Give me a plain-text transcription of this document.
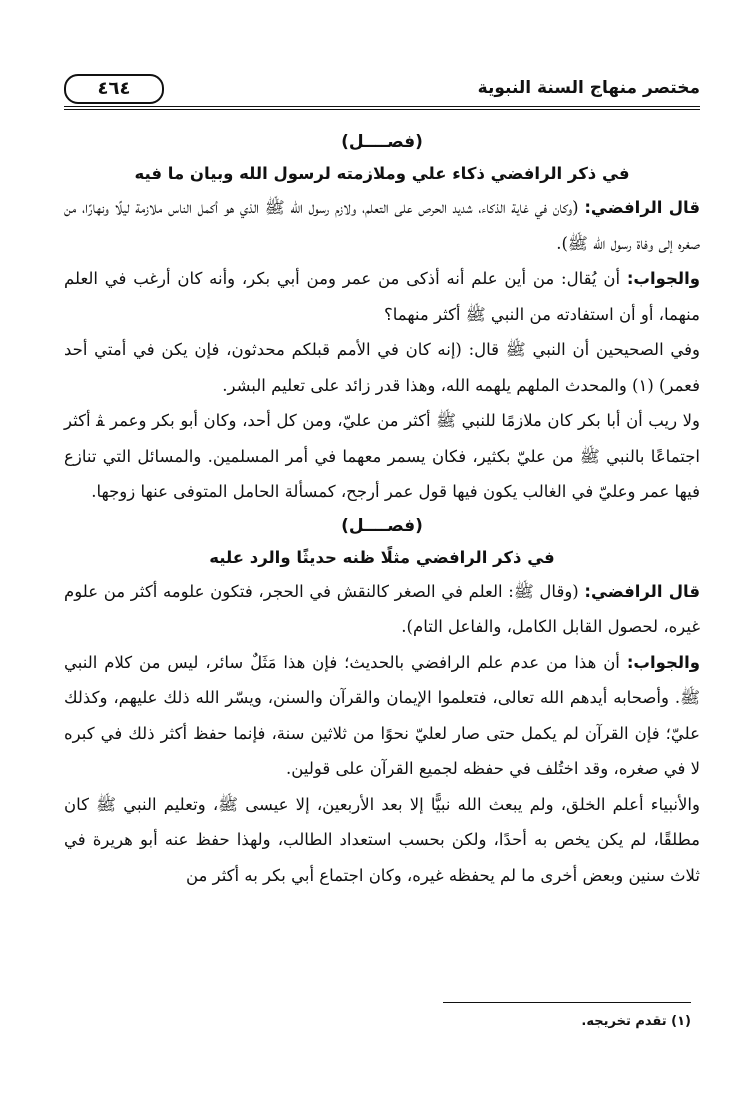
مختصر منهاج السنة النبوية
٤٦٤
(فصــــل)
في ذكر الرافضي ذكاء علي وملازمته لرسول الله وبيان ما فيه

قال الرافضي: (وكان في غاية الذكاء، شديد الحرص على التعلم، ولازم رسول الله ﷺ الذي هو أكمل الناس ملازمة ليلًا ونهارًا، من صغره إلى وفاة رسول الله ﷺ).

والجواب: أن يُقال: من أين علم أنه أذكى من عمر ومن أبي بكر، وأنه كان أرغب في العلم منهما، أو أن استفادته من النبي ﷺ أكثر منهما؟

وفي الصحيحين أن النبي ﷺ قال: (إنه كان في الأمم قبلكم محدثون، فإن يكن في أمتي أحد فعمر) (١) والمحدث الملهم يلهمه الله، وهذا قدر زائد على تعليم البشر.

ولا ريب أن أبا بكر كان ملازمًا للنبي ﷺ أكثر من عليّ، ومن كل أحد، وكان أبو بكر وعمر ﭭ أكثر اجتماعًا بالنبي ﷺ من عليّ بكثير، فكان يسمر معهما في أمر المسلمين. والمسائل التي تنازع فيها عمر وعليّ في الغالب يكون فيها قول عمر أرجح، كمسألة الحامل المتوفى عنها زوجها.

(فصــــل)
في ذكر الرافضي مثلًا ظنه حديثًا والرد عليه

قال الرافضي: (وقال ﷺ: العلم في الصغر كالنقش في الحجر، فتكون علومه أكثر من علوم غيره، لحصول القابل الكامل، والفاعل التام).

والجواب: أن هذا من عدم علم الرافضي بالحديث؛ فإن هذا مَثَلٌ سائر، ليس من كلام النبي ﷺ. وأصحابه أيدهم الله تعالى، فتعلموا الإيمان والقرآن والسنن، ويسّر الله ذلك عليهم، وكذلك عليّ؛ فإن القرآن لم يكمل حتى صار لعليّ نحوًا من ثلاثين سنة، فإنما حفظ أكثر ذلك في كبره لا في صغره، وقد اختُلف في حفظه لجميع القرآن على قولين.

والأنبياء أعلم الخلق، ولم يبعث الله نبيًّا إلا بعد الأربعين، إلا عيسى ﷺ، وتعليم النبي ﷺ كان مطلقًا، لم يكن يخص به أحدًا، ولكن بحسب استعداد الطالب، ولهذا حفظ عنه أبو هريرة في ثلاث سنين وبعض أخرى ما لم يحفظه غيره، وكان اجتماع أبي بكر به أكثر من

(١) تقدم تخريجه.
